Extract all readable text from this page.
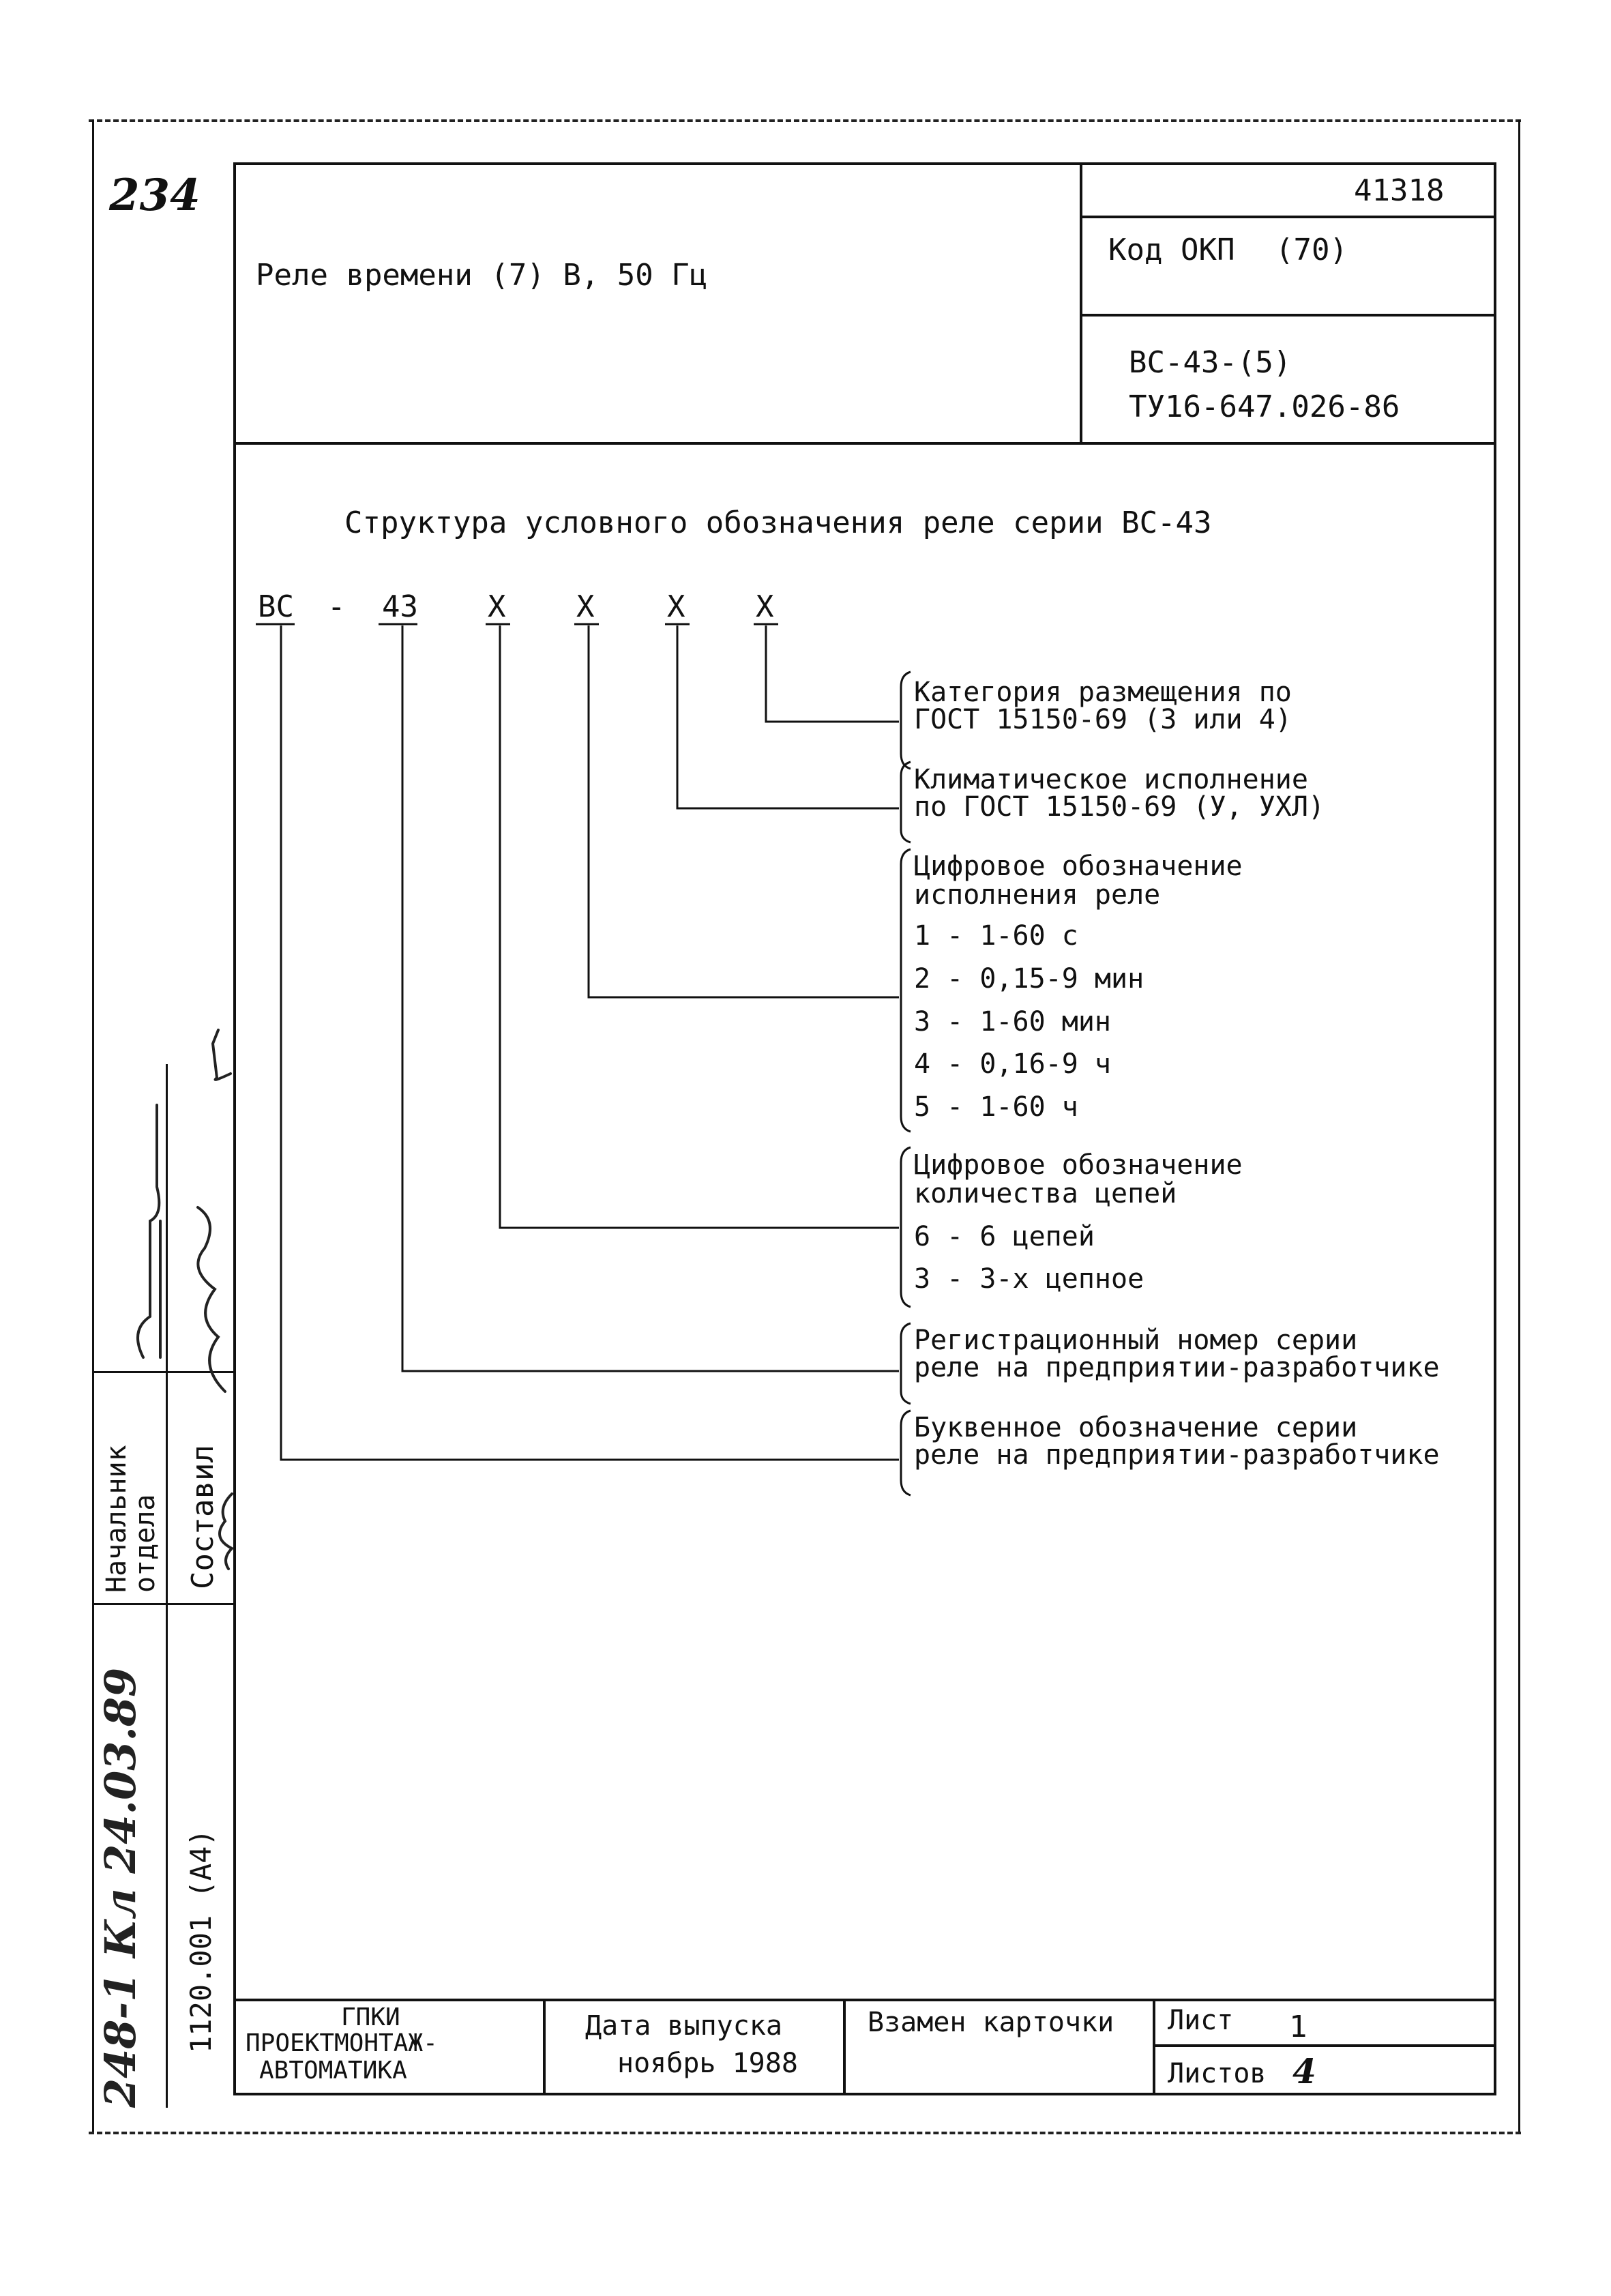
234
Реле времени (7) В, 50 Гц
41318
Код ОКП (70)
ВС-43-(5)
ТУ16-647.026-86
Структура условного обозначения реле серии ВС-43
ВС - 43 Х Х Х Х
Категория размещения по
ГОСТ 15150-69 (3 или 4)
Климатическое исполнение
по ГОСТ 15150-69 (У, УХЛ)
Цифровое обозначение
исполнения реле
1 - 1-60 с
2 - 0,15-9 мин
3 - 1-60 мин
4 - 0,16-9 ч
5 - 1-60 ч
Цифровое обозначение
количества цепей
6 - 6 цепей
3 - 3-х цепное
Регистрационный номер серии
реле на предприятии-разработчике
Буквенное обозначение серии
реле на предприятии-разработчике
Начальник отдела Составил
1120.001 (А4)
248-1 Кл 24.03.89	ГПКИ
ПРОЕКТМОНТАЖ-
АВТОМАТИКА
Дата выпуска
ноябрь 1988
Взамен карточки Лист 1
Листов 4
